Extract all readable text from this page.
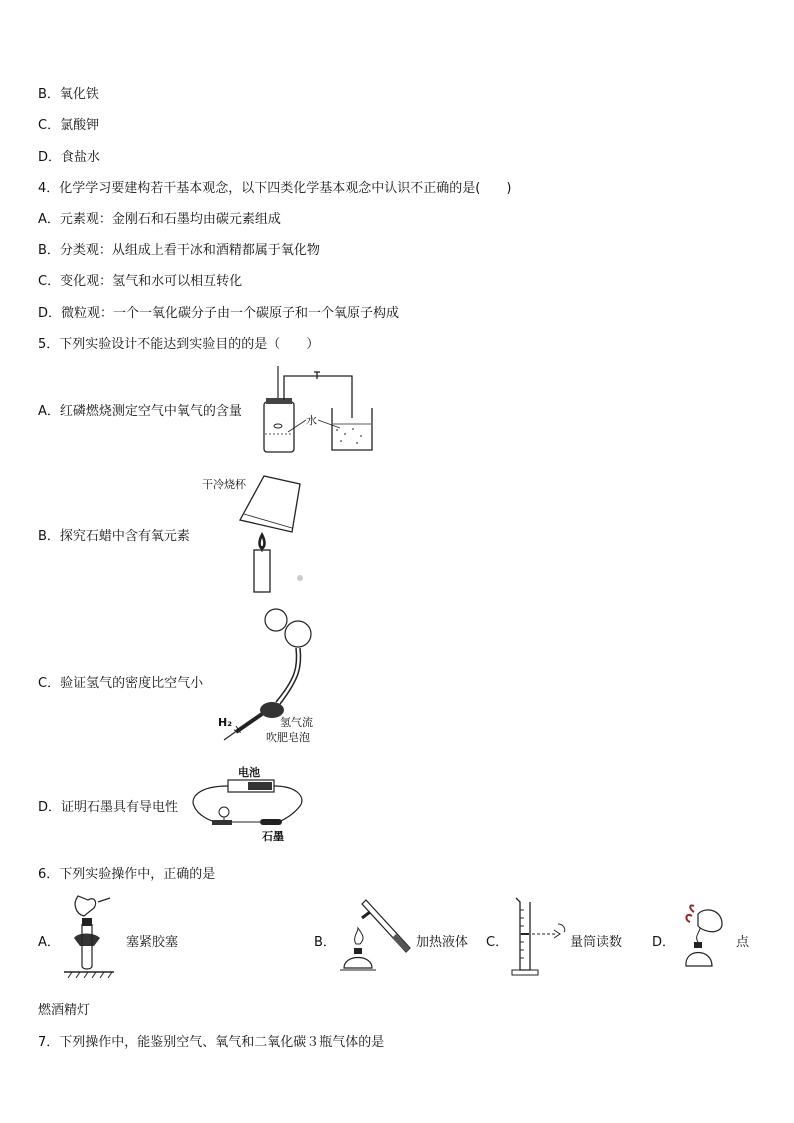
B．氧化铁
C．氯酸钾
D．食盐水
4．化学学习要建构若干基本观念，以下四类化学基本观念中认识不正确的是(　　)
A．元素观：金刚石和石墨均由碳元素组成
B．分类观：从组成上看干冰和酒精都属于氧化物
C．变化观：氢气和水可以相互转化
D．微粒观：一个一氧化碳分子由一个碳原子和一个氧原子构成
5．下列实验设计不能达到实验目的的是（　　）
A．红磷燃烧测定空气中氧气的含量
水
B．探究石蜡中含有氧元素
干冷烧杯
C．验证氢气的密度比空气小
H₂	氢气流
吹肥皂泡
D．证明石墨具有导电性
电池
石墨
6．下列实验操作中，正确的是
A．	塞紧胶塞	B．	加热液体 C．	量筒读数 D．	点
燃酒精灯
7．下列操作中，能鉴别空气、氧气和二氧化碳３瓶气体的是
